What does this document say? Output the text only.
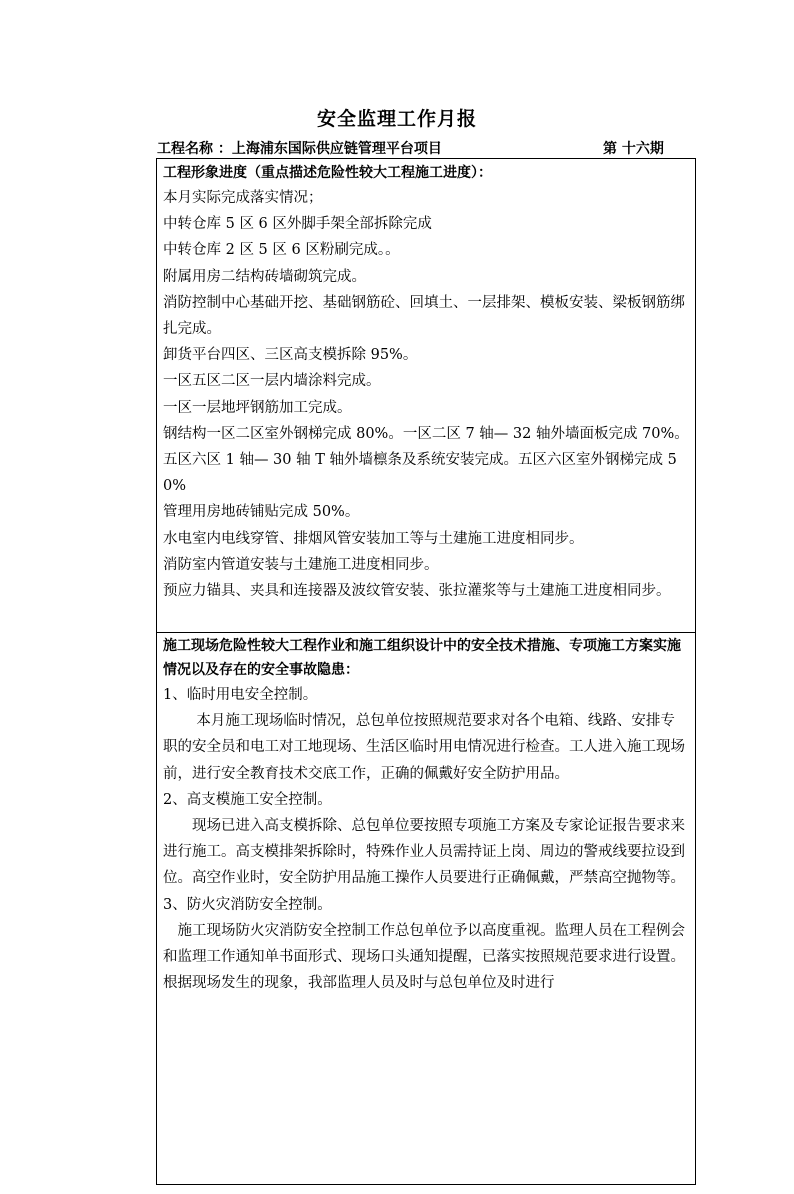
安全监理工作月报
工程名称 ：上海浦东国际供应链管理平台项目	第 十六期

工程形象进度（重点描述危险性较大工程施工进度）：

本月实际完成落实情况；

中转仓库 5 区 6 区外脚手架全部拆除完成

中转仓库 2 区 5 区 6 区粉刷完成。。

附属用房二结构砖墙砌筑完成。

消防控制中心基础开挖、基础钢筋砼、回填土、一层排架、模板安装、梁板钢筋绑扎完成。

卸货平台四区、三区高支模拆除 95%。

一区五区二区一层内墙涂料完成。

一区一层地坪钢筋加工完成。

钢结构一区二区室外钢梯完成 80%。一区二区 7 轴— 32 轴外墙面板完成 70%。

五区六区 1 轴— 30 轴 T 轴外墙檩条及系统安装完成。五区六区室外钢梯完成 50%

管理用房地砖铺贴完成 50%。

水电室内电线穿管、排烟风管安装加工等与土建施工进度相同步。

消防室内管道安装与土建施工进度相同步。

预应力锚具、夹具和连接器及波纹管安装、张拉灌浆等与土建施工进度相同步。

施工现场危险性较大工程作业和施工组织设计中的安全技术措施、专项施工方案实施情况以及存在的安全事故隐患：

1、临时用电安全控制。

本月施工现场临时情况，总包单位按照规范要求对各个电箱、线路、安排专职的安全员和电工对工地现场、生活区临时用电情况进行检查。工人进入施工现场前，进行安全教育技术交底工作，正确的佩戴好安全防护用品。

2、高支模施工安全控制。

现场已进入高支模拆除、总包单位要按照专项施工方案及专家论证报告要求来进行施工。高支模排架拆除时，特殊作业人员需持证上岗、周边的警戒线要拉设到位。高空作业时，安全防护用品施工操作人员要进行正确佩戴，严禁高空抛物等。

3、防火灾消防安全控制。

施工现场防火灾消防安全控制工作总包单位予以高度重视。监理人员在工程例会和监理工作通知单书面形式、现场口头通知提醒，已落实按照规范要求进行设置。根据现场发生的现象，我部监理人员及时与总包单位及时进行
